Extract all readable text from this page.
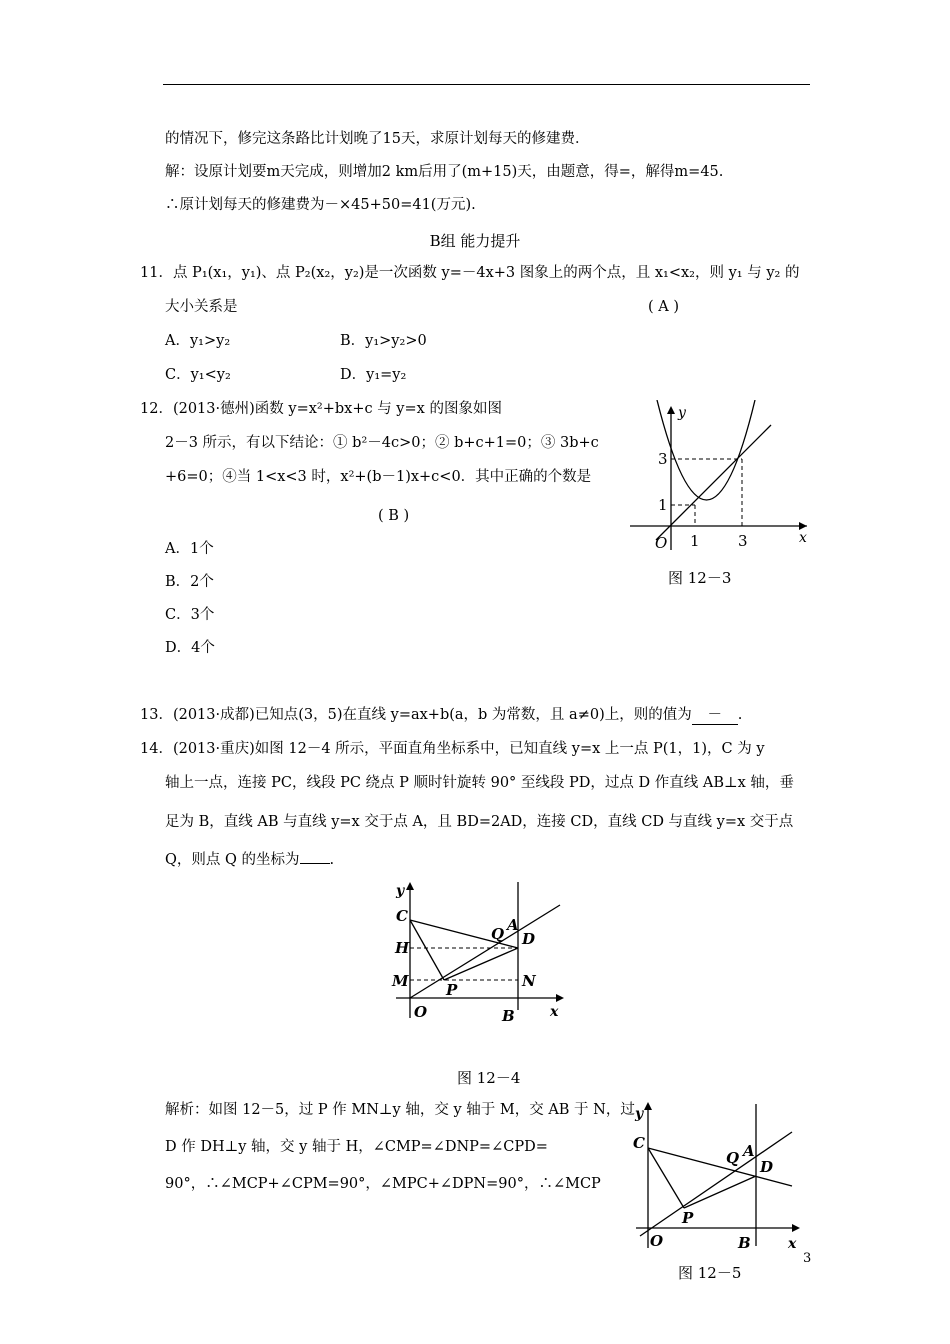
的情况下，修完这条路比计划晚了15天，求原计划每天的修建费．
解：设原计划要m天完成，则增加2 km后用了(m+15)天，由题意，得=，解得m=45.
∴原计划每天的修建费为－×45+50=41(万元).
B组 能力提升
11．点 P₁(x₁，y₁)、点 P₂(x₂，y₂)是一次函数 y=－4x+3 图象上的两个点，且 x₁<x₂，则 y₁ 与 y₂ 的
大小关系是	( A )
A．y₁>y₂	B．y₁>y₂>0
C．y₁<y₂	D．y₁=y₂
12．(2013·德州)函数 y=x²+bx+c 与 y=x 的图象如图
2－3 所示，有以下结论：① b²－4c>0；② b+c+1=0；③ 3b+c
+6=0；④当 1<x<3 时，x²+(b－1)x+c<0．其中正确的个数是
( B )
A．1个
B．2个
C．3个
D．4个
y
x
O 1	3
1
3
图 12－3
13．(2013·成都)已知点(3，5)在直线 y=ax+b(a，b 为常数，且 a≠0)上，则的值为 － .
14．(2013·重庆)如图 12－4 所示，平面直角坐标系中，已知直线 y=x 上一点 P(1，1)，C 为 y
轴上一点，连接 PC，线段 PC 绕点 P 顺时针旋转 90° 至线段 PD，过点 D 作直线 AB⊥x 轴，垂
足为 B，直线 AB 与直线 y=x 交于点 A，且 BD=2AD，连接 CD，直线 CD 与直线 y=x 交于点
Q，则点 Q 的坐标为 .
y
x
C
H
M
O
P
Q A
D
N
B
图 12－4
解析：如图 12－5，过 P 作 MN⊥y 轴，交 y 轴于 M，交 AB 于 N，过
D 作 DH⊥y 轴，交 y 轴于 H，∠CMP=∠DNP=∠CPD=
90°，∴∠MCP+∠CPM=90°，∠MPC+∠DPN=90°，∴∠MCP
y
x
C
Q A
D
P
O	B
图 12－5
3
